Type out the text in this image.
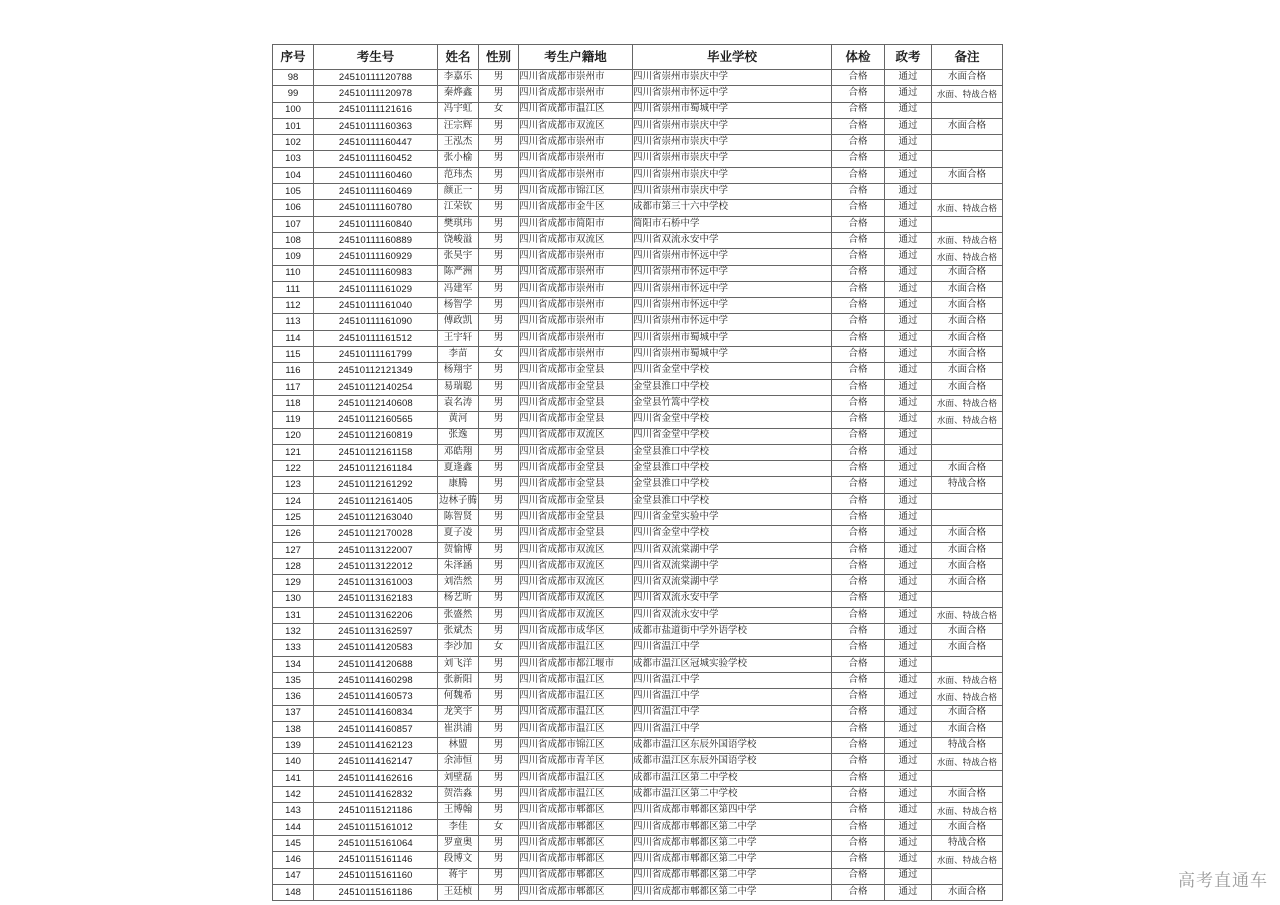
序号	考生号	姓名	性别	考生户籍地	毕业学校	体检	政考	备注
98	24510111120788	李嘉乐	男	四川省成都市崇州市	四川省崇州市崇庆中学	合格	通过	水面合格
99	24510111120978	秦烨鑫	男	四川省成都市崇州市	四川省崇州市怀远中学	合格	通过	水面、特战合格
100	24510111121616	冯宇虹	女	四川省成都市温江区	四川省崇州市蜀城中学	合格	通过	
101	24510111160363	汪宗辉	男	四川省成都市双流区	四川省崇州市崇庆中学	合格	通过	水面合格
102	24510111160447	王泓杰	男	四川省成都市崇州市	四川省崇州市崇庆中学	合格	通过	
103	24510111160452	张小榆	男	四川省成都市崇州市	四川省崇州市崇庆中学	合格	通过	
104	24510111160460	范玮杰	男	四川省成都市崇州市	四川省崇州市崇庆中学	合格	通过	水面合格
105	24510111160469	颜正一	男	四川省成都市锦江区	四川省崇州市崇庆中学	合格	通过	
106	24510111160780	江荣钦	男	四川省成都市金牛区	成都市第三十六中学校	合格	通过	水面、特战合格
107	24510111160840	樊琪玮	男	四川省成都市简阳市	简阳市石桥中学	合格	通过	
108	24510111160889	饶峻溢	男	四川省成都市双流区	四川省双流永安中学	合格	通过	水面、特战合格
109	24510111160929	张昊宇	男	四川省成都市崇州市	四川省崇州市怀远中学	合格	通过	水面、特战合格
110	24510111160983	陈严洲	男	四川省成都市崇州市	四川省崇州市怀远中学	合格	通过	水面合格
111	24510111161029	冯建军	男	四川省成都市崇州市	四川省崇州市怀远中学	合格	通过	水面合格
112	24510111161040	杨智学	男	四川省成都市崇州市	四川省崇州市怀远中学	合格	通过	水面合格
113	24510111161090	傅政凯	男	四川省成都市崇州市	四川省崇州市怀远中学	合格	通过	水面合格
114	24510111161512	王宇轩	男	四川省成都市崇州市	四川省崇州市蜀城中学	合格	通过	水面合格
115	24510111161799	李苗	女	四川省成都市崇州市	四川省崇州市蜀城中学	合格	通过	水面合格
116	24510112121349	杨翔宇	男	四川省成都市金堂县	四川省金堂中学校	合格	通过	水面合格
117	24510112140254	易瑞聪	男	四川省成都市金堂县	金堂县淮口中学校	合格	通过	水面合格
118	24510112140608	袁名涛	男	四川省成都市金堂县	金堂县竹篙中学校	合格	通过	水面、特战合格
119	24510112160565	黄河	男	四川省成都市金堂县	四川省金堂中学校	合格	通过	水面、特战合格
120	24510112160819	张逸	男	四川省成都市双流区	四川省金堂中学校	合格	通过	
121	24510112161158	邓皓翔	男	四川省成都市金堂县	金堂县淮口中学校	合格	通过	
122	24510112161184	夏逢鑫	男	四川省成都市金堂县	金堂县淮口中学校	合格	通过	水面合格
123	24510112161292	康腾	男	四川省成都市金堂县	金堂县淮口中学校	合格	通过	特战合格
124	24510112161405	边林子腾	男	四川省成都市金堂县	金堂县淮口中学校	合格	通过	
125	24510112163040	陈智贤	男	四川省成都市金堂县	四川省金堂实验中学	合格	通过	
126	24510112170028	夏子凌	男	四川省成都市金堂县	四川省金堂中学校	合格	通过	水面合格
127	24510113122007	贺愉博	男	四川省成都市双流区	四川省双流棠湖中学	合格	通过	水面合格
128	24510113122012	朱泽涵	男	四川省成都市双流区	四川省双流棠湖中学	合格	通过	水面合格
129	24510113161003	刘浩然	男	四川省成都市双流区	四川省双流棠湖中学	合格	通过	水面合格
130	24510113162183	杨艺昕	男	四川省成都市双流区	四川省双流永安中学	合格	通过	
131	24510113162206	张盛然	男	四川省成都市双流区	四川省双流永安中学	合格	通过	水面、特战合格
132	24510113162597	张斌杰	男	四川省成都市成华区	成都市盐道街中学外语学校	合格	通过	水面合格
133	24510114120583	李沙加	女	四川省成都市温江区	四川省温江中学	合格	通过	水面合格
134	24510114120688	刘飞洋	男	四川省成都市都江堰市	成都市温江区冠城实验学校	合格	通过	
135	24510114160298	张新阳	男	四川省成都市温江区	四川省温江中学	合格	通过	水面、特战合格
136	24510114160573	何魏希	男	四川省成都市温江区	四川省温江中学	合格	通过	水面、特战合格
137	24510114160834	龙笑宇	男	四川省成都市温江区	四川省温江中学	合格	通过	水面合格
138	24510114160857	崔洪浦	男	四川省成都市温江区	四川省温江中学	合格	通过	水面合格
139	24510114162123	林盟	男	四川省成都市锦江区	成都市温江区东辰外国语学校	合格	通过	特战合格
140	24510114162147	余沛恒	男	四川省成都市青羊区	成都市温江区东辰外国语学校	合格	通过	水面、特战合格
141	24510114162616	刘壁磊	男	四川省成都市温江区	成都市温江区第二中学校	合格	通过	
142	24510114162832	贺浩淼	男	四川省成都市温江区	成都市温江区第二中学校	合格	通过	水面合格
143	24510115121186	王博翰	男	四川省成都市郫都区	四川省成都市郫都区第四中学	合格	通过	水面、特战合格
144	24510115161012	李佳	女	四川省成都市郫都区	四川省成都市郫都区第二中学	合格	通过	水面合格
145	24510115161064	罗童奥	男	四川省成都市郫都区	四川省成都市郫都区第二中学	合格	通过	特战合格
146	24510115161146	段博文	男	四川省成都市郫都区	四川省成都市郫都区第二中学	合格	通过	水面、特战合格
147	24510115161160	蒋宇	男	四川省成都市郫都区	四川省成都市郫都区第二中学	合格	通过	
148	24510115161186	王廷桢	男	四川省成都市郫都区	四川省成都市郫都区第二中学	合格	通过	水面合格
高考直通车
